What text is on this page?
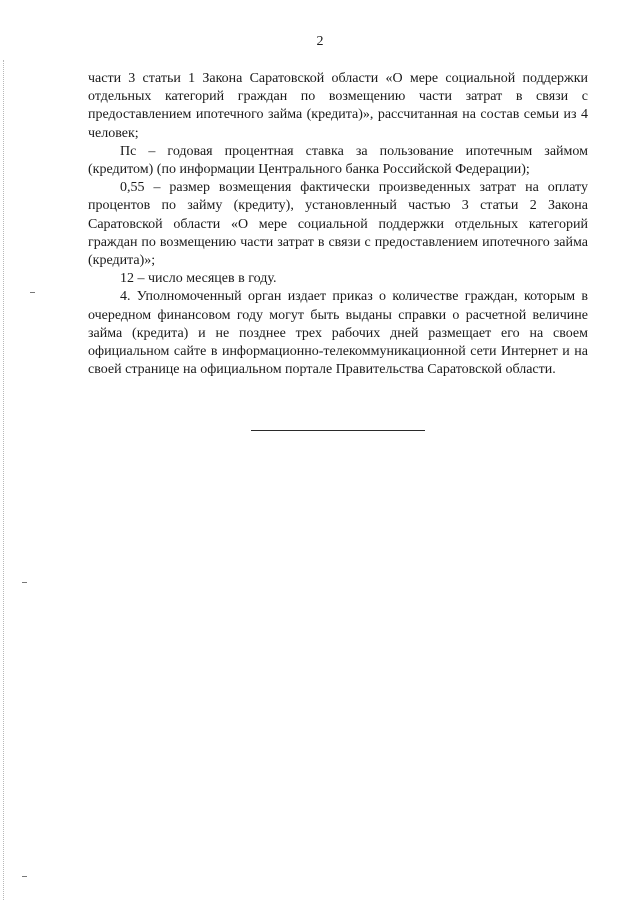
2

части 3 статьи 1 Закона Саратовской области «О мере социальной поддержки отдельных категорий граждан по возмещению части затрат в связи с предоставлением ипотечного займа (кредита)», рассчитанная на состав семьи из 4 человек;

Пс – годовая процентная ставка за пользование ипотечным займом (кредитом) (по информации Центрального банка Российской Федерации);

0,55 – размер возмещения фактически произведенных затрат на оплату процентов по займу (кредиту), установленный частью 3 статьи 2 Закона Саратовской области «О мере социальной поддержки отдельных категорий граждан по возмещению части затрат в связи с предоставлением ипотечного займа (кредита)»;

12 – число месяцев в году.

4. Уполномоченный орган издает приказ о количестве граждан, которым в очередном финансовом году могут быть выданы справки о расчетной величине займа (кредита) и не позднее трех рабочих дней размещает его на своем официальном сайте в информационно-телекоммуникационной сети Интернет и на своей странице на официальном портале Правительства Саратовской области.
